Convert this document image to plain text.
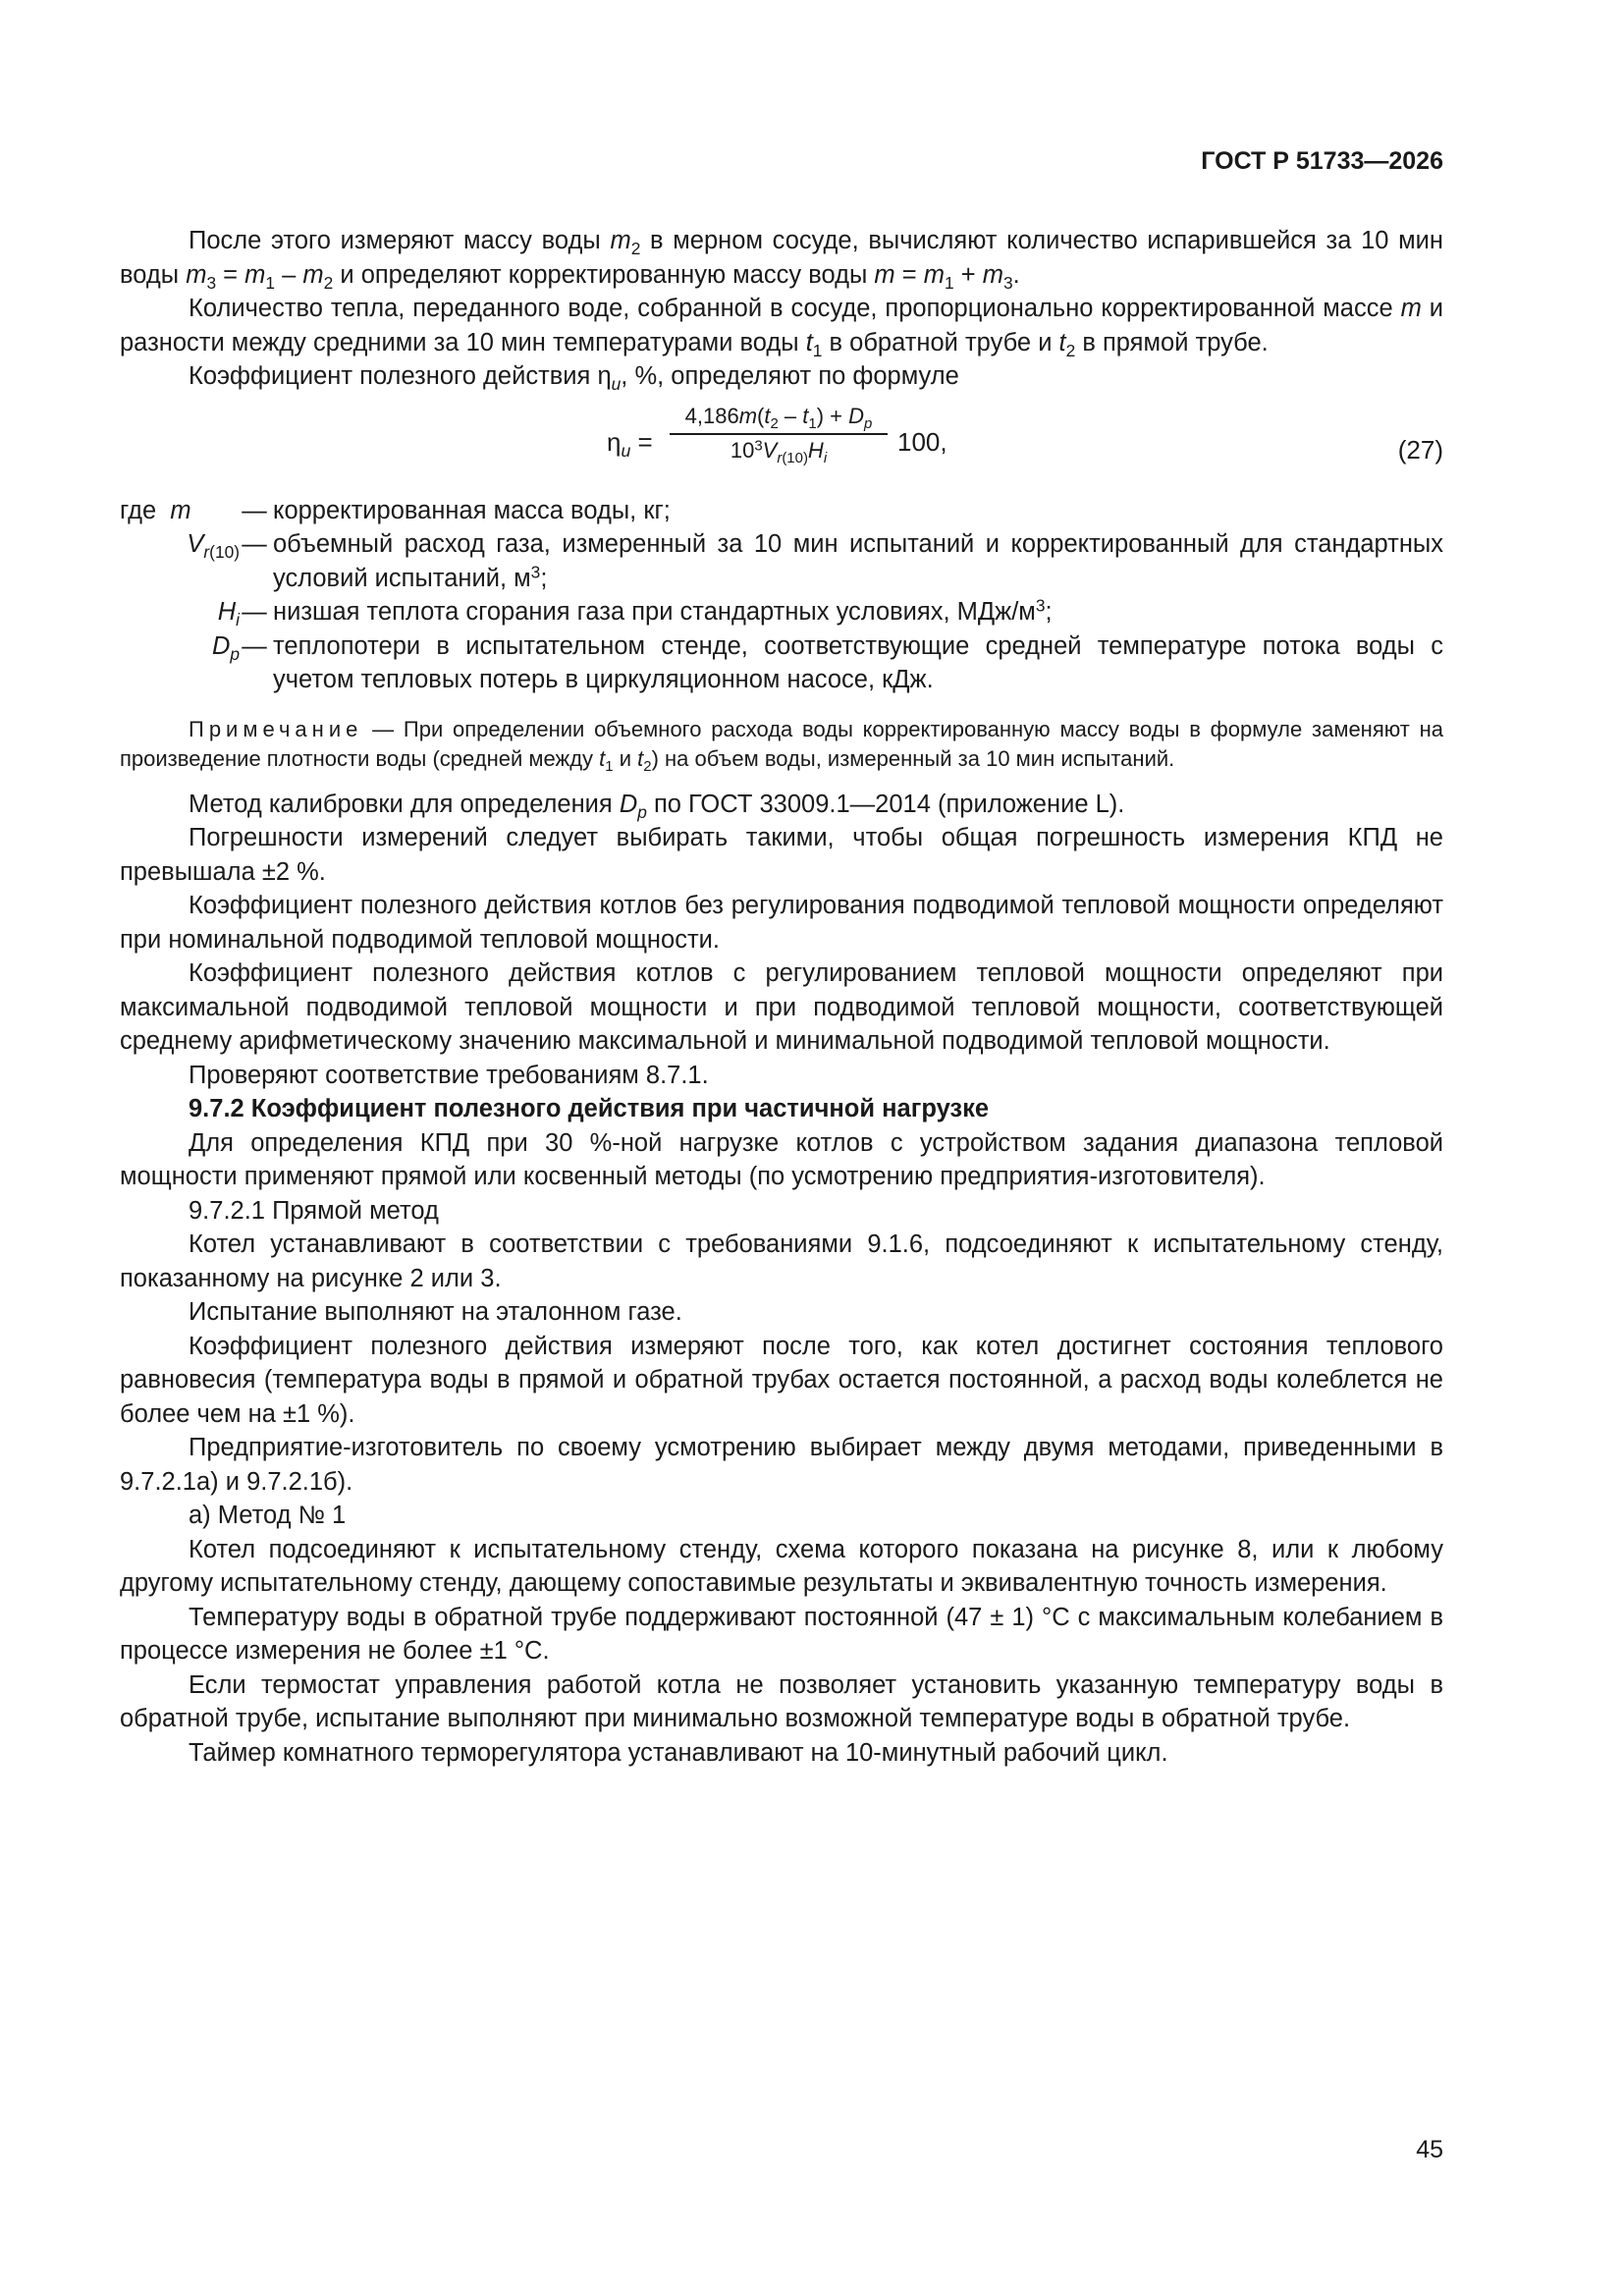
ГОСТ Р 51733—2026

После этого измеряют массу воды $m_2$ в мерном сосуде, вычисляют количество испарившейся за 10 мин воды $m_3 = m_1 - m_2$ и определяют корректированную массу воды $m = m_1 + m_3$.

Количество тепла, переданного воде, собранной в сосуде, пропорционально корректированной массе m и разности между средними за 10 мин температурами воды $t_1$ в обратной трубе и $t_2$ в прямой трубе.

Коэффициент полезного действия $\eta_u$, %, определяют по формуле

$\eta_u = \frac{4,186m(t_2 - t_1) + D_p}{10^3V_{r(10)}H_i} 100$,	(27)
где m	— корректированная масса воды, кг;
$V_{r(10)}$ — объемный расход газа, измеренный за 10 мин испытаний и корректированный для стандартных условий испытаний, $м^3$;
$H_i$ — низшая теплота сгорания газа при стандартных условиях, МДж/$м^3$;
$D_p$ — теплопотери в испытательном стенде, соответствующие средней температуре потока воды с учетом тепловых потерь в циркуляционном насосе, кДж.

Примечание — При определении объемного расхода воды корректированную массу воды в формуле заменяют на произведение плотности воды (средней между $t_1$ и $t_2$) на объем воды, измеренный за 10 мин испытаний.

Метод калибровки для определения $D_p$ по ГОСТ 33009.1—2014 (приложение L).

Погрешности измерений следует выбирать такими, чтобы общая погрешность измерения КПД не превышала ±2 %.

Коэффициент полезного действия котлов без регулирования подводимой тепловой мощности определяют при номинальной подводимой тепловой мощности.

Коэффициент полезного действия котлов с регулированием тепловой мощности определяют при максимальной подводимой тепловой мощности и при подводимой тепловой мощности, соответствующей среднему арифметическому значению максимальной и минимальной подводимой тепловой мощности.

Проверяют соответствие требованиям 8.7.1.

9.7.2 Коэффициент полезного действия при частичной нагрузке

Для определения КПД при 30 %-ной нагрузке котлов с устройством задания диапазона тепловой мощности применяют прямой или косвенный методы (по усмотрению предприятия-изготовителя).

9.7.2.1 Прямой метод

Котел устанавливают в соответствии с требованиями 9.1.6, подсоединяют к испытательному стенду, показанному на рисунке 2 или 3.

Испытание выполняют на эталонном газе.

Коэффициент полезного действия измеряют после того, как котел достигнет состояния теплового равновесия (температура воды в прямой и обратной трубах остается постоянной, а расход воды колеблется не более чем на ±1 %).

Предприятие-изготовитель по своему усмотрению выбирает между двумя методами, приведенными в 9.7.2.1а) и 9.7.2.1б).

а) Метод № 1

Котел подсоединяют к испытательному стенду, схема которого показана на рисунке 8, или к любому другому испытательному стенду, дающему сопоставимые результаты и эквивалентную точность измерения.

Температуру воды в обратной трубе поддерживают постоянной (47 ± 1) °С с максимальным колебанием в процессе измерения не более ±1 °С.

Если термостат управления работой котла не позволяет установить указанную температуру воды в обратной трубе, испытание выполняют при минимально возможной температуре воды в обратной трубе.

Таймер комнатного терморегулятора устанавливают на 10-минутный рабочий цикл.

45
